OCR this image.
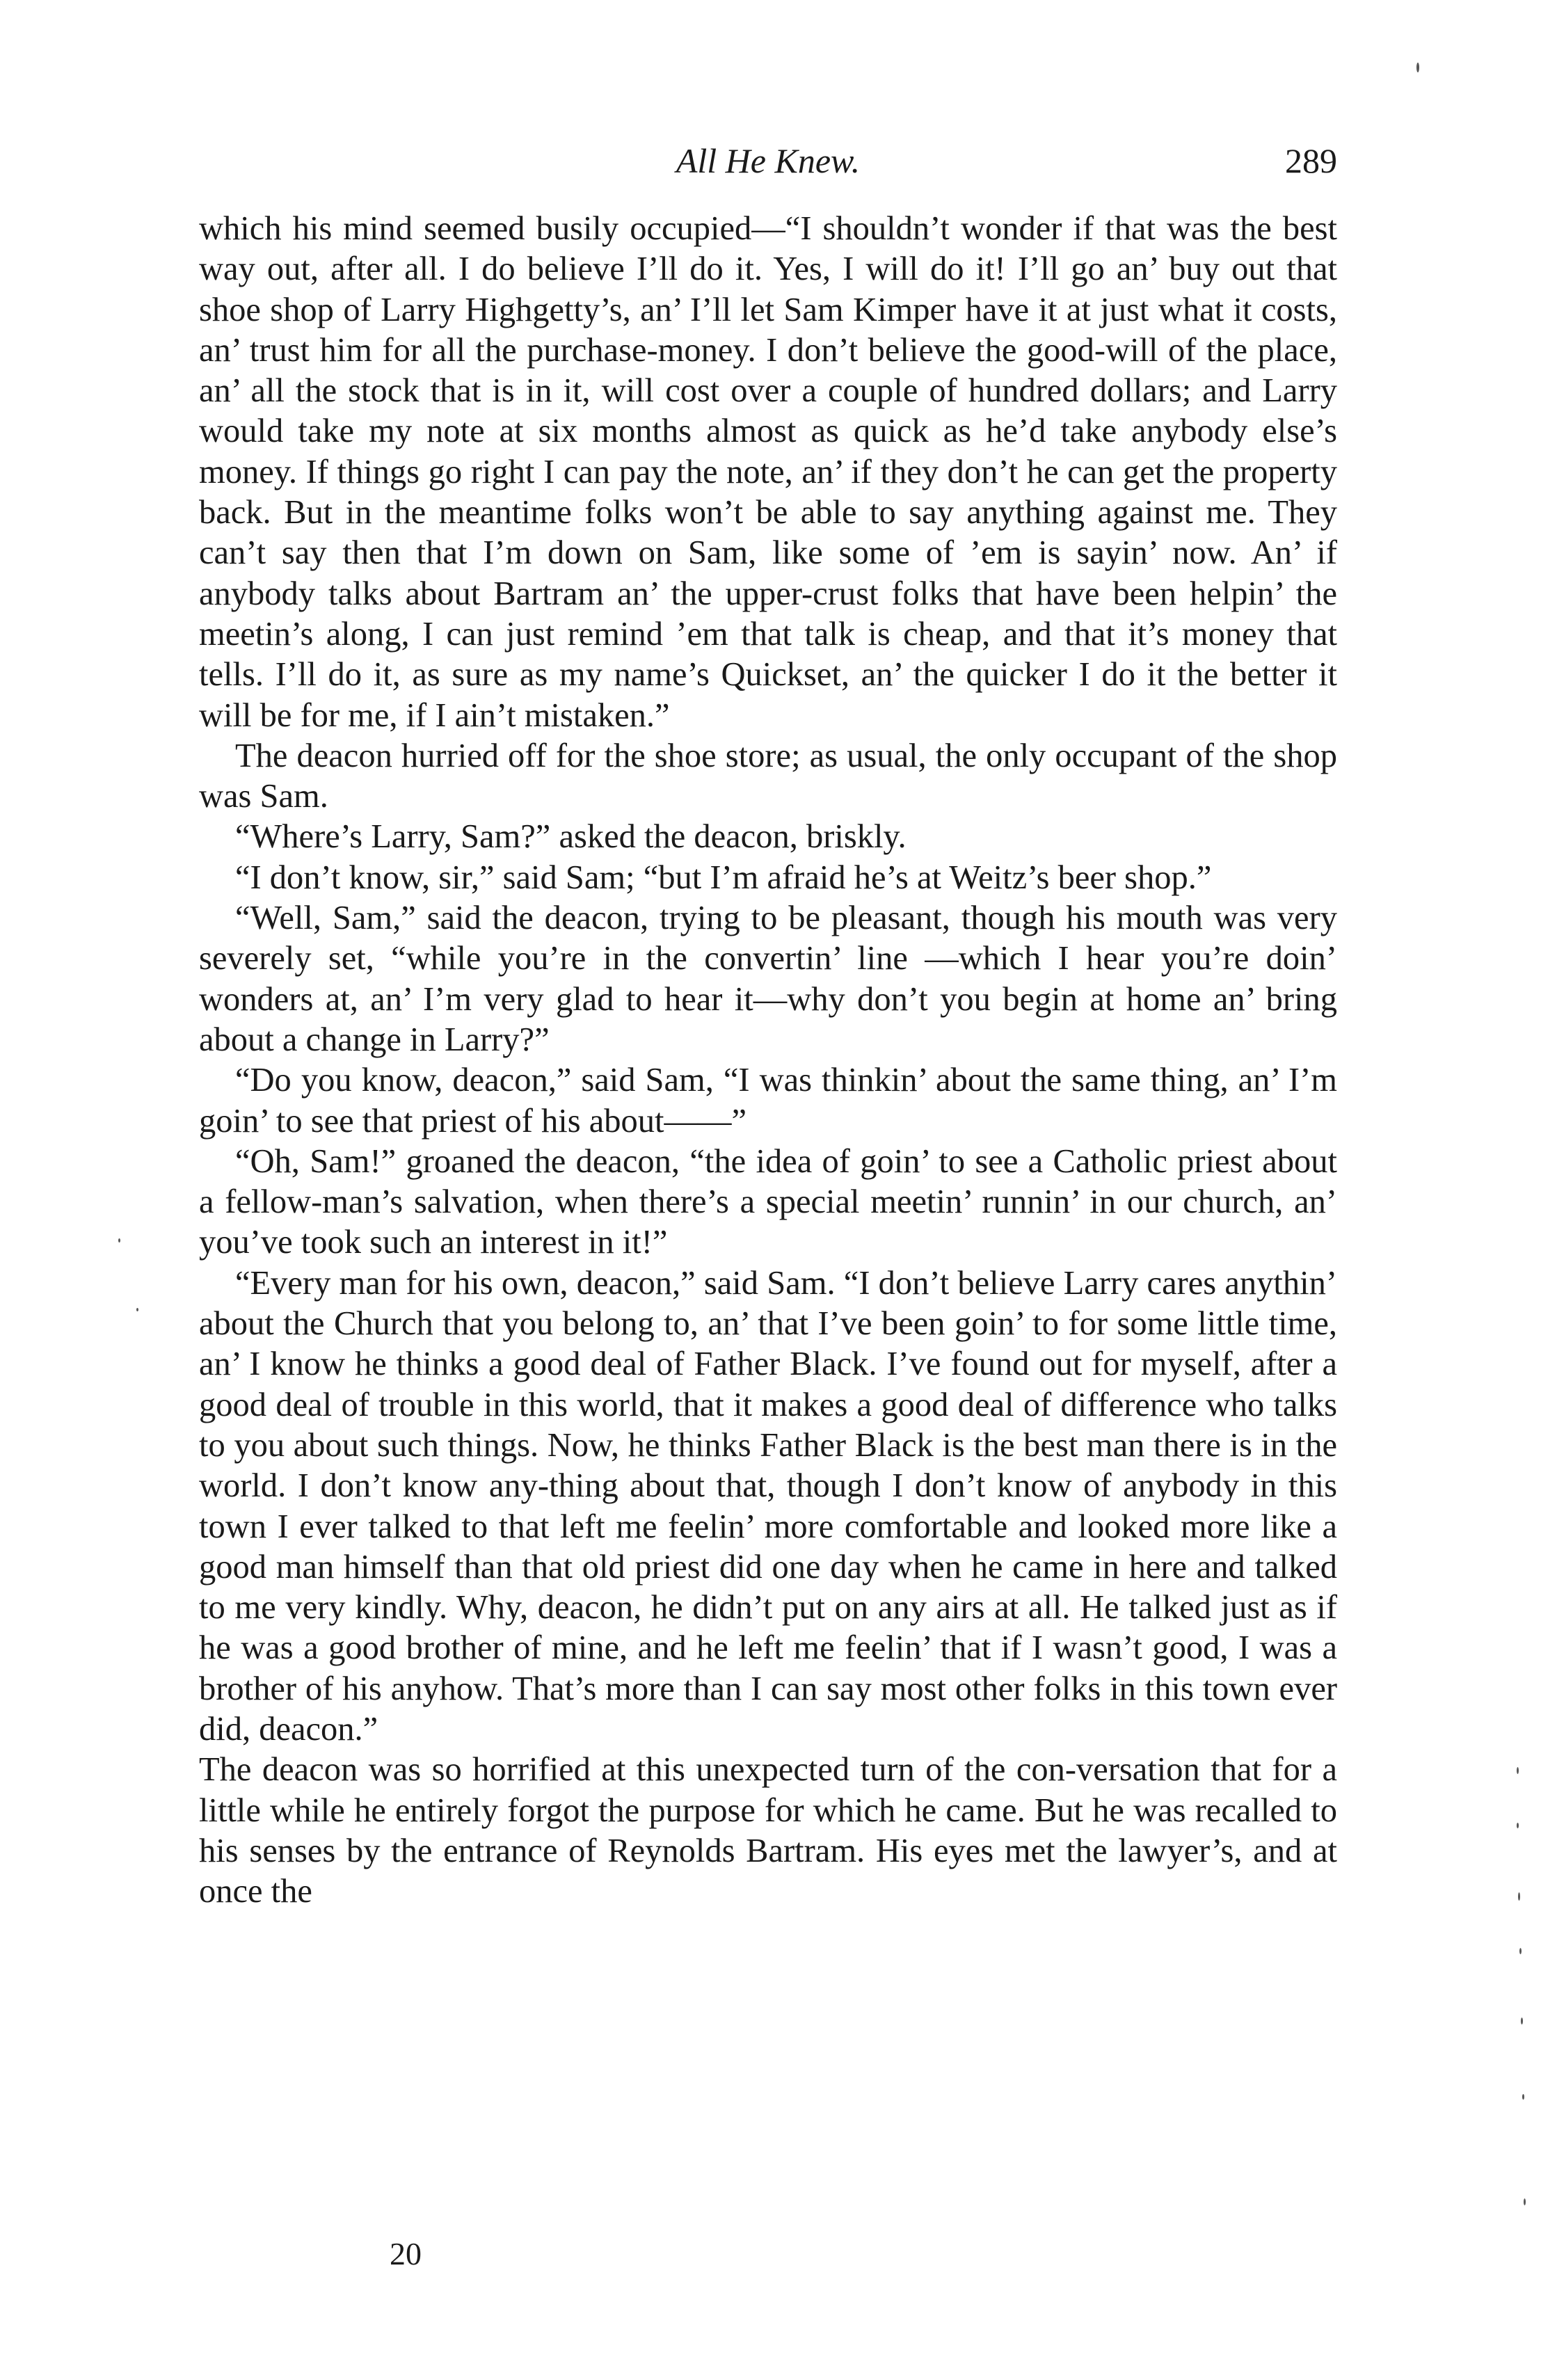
All He Knew.	289

which his mind seemed busily occupied—“I shouldn’t wonder if that was the best way out, after all. I do believe I’ll do it. Yes, I will do it! I’ll go an’ buy out that shoe shop of Larry Highgetty’s, an’ I’ll let Sam Kimper have it at just what it costs, an’ trust him for all the purchase-money. I don’t believe the good-will of the place, an’ all the stock that is in it, will cost over a couple of hundred dollars; and Larry would take my note at six months almost as quick as he’d take anybody else’s money. If things go right I can pay the note, an’ if they don’t he can get the property back. But in the meantime folks won’t be able to say anything against me. They can’t say then that I’m down on Sam, like some of ’em is sayin’ now. An’ if anybody talks about Bartram an’ the upper-crust folks that have been helpin’ the meetin’s along, I can just remind ’em that talk is cheap, and that it’s money that tells. I’ll do it, as sure as my name’s Quickset, an’ the quicker I do it the better it will be for me, if I ain’t mistaken.”

The deacon hurried off for the shoe store; as usual, the only occupant of the shop was Sam.

“Where’s Larry, Sam?” asked the deacon, briskly.

“I don’t know, sir,” said Sam; “but I’m afraid he’s at Weitz’s beer shop.”

“Well, Sam,” said the deacon, trying to be pleasant, though his mouth was very severely set, “while you’re in the convertin’ line —which I hear you’re doin’ wonders at, an’ I’m very glad to hear it—why don’t you begin at home an’ bring about a change in Larry?”

“Do you know, deacon,” said Sam, “I was thinkin’ about the same thing, an’ I’m goin’ to see that priest of his about——”

“Oh, Sam!” groaned the deacon, “the idea of goin’ to see a Catholic priest about a fellow-man’s salvation, when there’s a special meetin’ runnin’ in our church, an’ you’ve took such an interest in it!”

“Every man for his own, deacon,” said Sam. “I don’t believe Larry cares anythin’ about the Church that you belong to, an’ that I’ve been goin’ to for some little time, an’ I know he thinks a good deal of Father Black. I’ve found out for myself, after a good deal of trouble in this world, that it makes a good deal of difference who talks to you about such things. Now, he thinks Father Black is the best man there is in the world. I don’t know any-thing about that, though I don’t know of anybody in this town I ever talked to that left me feelin’ more comfortable and looked more like a good man himself than that old priest did one day when he came in here and talked to me very kindly. Why, deacon, he didn’t put on any airs at all. He talked just as if he was a good brother of mine, and he left me feelin’ that if I wasn’t good, I was a brother of his anyhow. That’s more than I can say most other folks in this town ever did, deacon.”

The deacon was so horrified at this unexpected turn of the con-versation that for a little while he entirely forgot the purpose for which he came. But he was recalled to his senses by the entrance of Reynolds Bartram. His eyes met the lawyer’s, and at once the

20
